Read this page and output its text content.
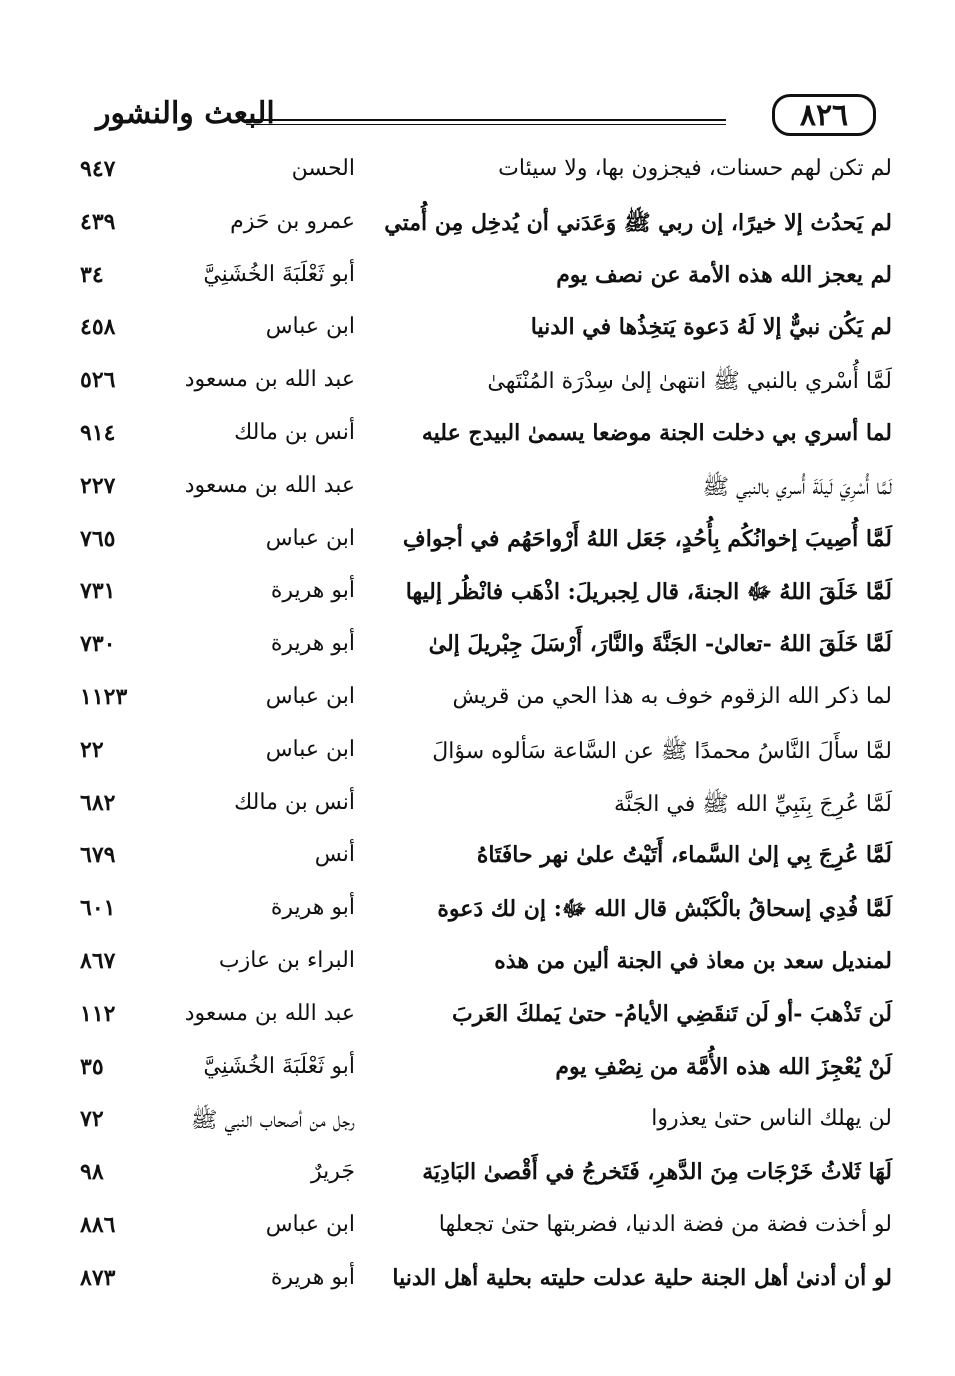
البعث والنشور	٨٢٦
لم تكن لهم حسنات، فيجزون بها، ولا سيئات
الحسن
٩٤٧
لم يَحدُث إلا خيرًا، إن ربي ﷺ وَعَدَني أن يُدخِل مِن أُمتي
عمرو بن حَزم
٤٣٩
لم يعجز الله هذه الأمة عن نصف يوم
أبو ثَعْلَبَةَ الخُشَنِيَّ
٣٤
لم يَكُن نبيٌّ إلا لَهُ دَعوة يَتخِذُها في الدنيا
ابن عباس
٤٥٨
لَمَّا أُسْري بالنبي ﷺ انتهىٰ إلىٰ سِدْرَة المُنْتَهىٰ
عبد الله بن مسعود
٥٢٦
لما أسري بي دخلت الجنة موضعا يسمىٰ البيدج عليه
أنس بن مالك
٩١٤
لَمَّا أُسْرِيَ لَيلَةَ أُسري بالنبي ﷺ
عبد الله بن مسعود
٢٢٧
لَمَّا أُصِيبَ إخوانُكُم بِأُحُدٍ، جَعَل اللهُ أَرْواحَهُم في أجوافِ
ابن عباس
٧٦٥
لَمَّا خَلَقَ اللهُ ﷻ الجنةَ، قال لِجبريلَ: اذْهَب فانْظُر إليها
أبو هريرة
٧٣١
لَمَّا خَلَقَ اللهُ -تعالىٰ- الجَنَّةَ والنَّارَ، أَرْسَلَ جِبْريلَ إلىٰ
أبو هريرة
٧٣٠
لما ذكر الله الزقوم خوف به هذا الحي من قريش
ابن عباس
١١٢٣
لمَّا سأَلَ النَّاسُ محمدًا ﷺ عن السَّاعة سَألوه سؤالَ
ابن عباس
٢٢
لَمَّا عُرِجَ بِنَبِيِّ الله ﷺ في الجَنَّة
أنس بن مالك
٦٨٢
لَمَّا عُرِجَ بِي إلىٰ السَّماء، أَتَيْتُ علىٰ نهر حافَتَاهُ
أنس
٦٧٩
لَمَّا فُدِي إسحاقُ بالْكَبْش قال الله ﷻ: إن لك دَعوة
أبو هريرة
٦٠١
لمنديل سعد بن معاذ في الجنة ألين من هذه
البراء بن عازب
٨٦٧
لَن تَذْهبَ -أو لَن تَنقَضِي الأيامُ- حتىٰ يَملكَ العَربَ
عبد الله بن مسعود
١١٢
لَنْ يُعْجِزَ الله هذه الأُمَّة من نِصْفِ يوم
أبو ثَعْلَبَةَ الخُشَنِيَّ
٣٥
لن يهلك الناس حتىٰ يعذروا
رجل من أصحاب النبي ﷺ
٧٢
لَهَا ثَلاثُ خَرْجَات مِنَ الدَّهرِ، فَتَخرجُ في أَقْصىٰ البَادِيَة
جَريرٌ
٩٨
لو أخذت فضة من فضة الدنيا، فضربتها حتىٰ تجعلها
ابن عباس
٨٨٦
لو أن أدنىٰ أهل الجنة حلية عدلت حليته بحلية أهل الدنيا
أبو هريرة
٨٧٣
